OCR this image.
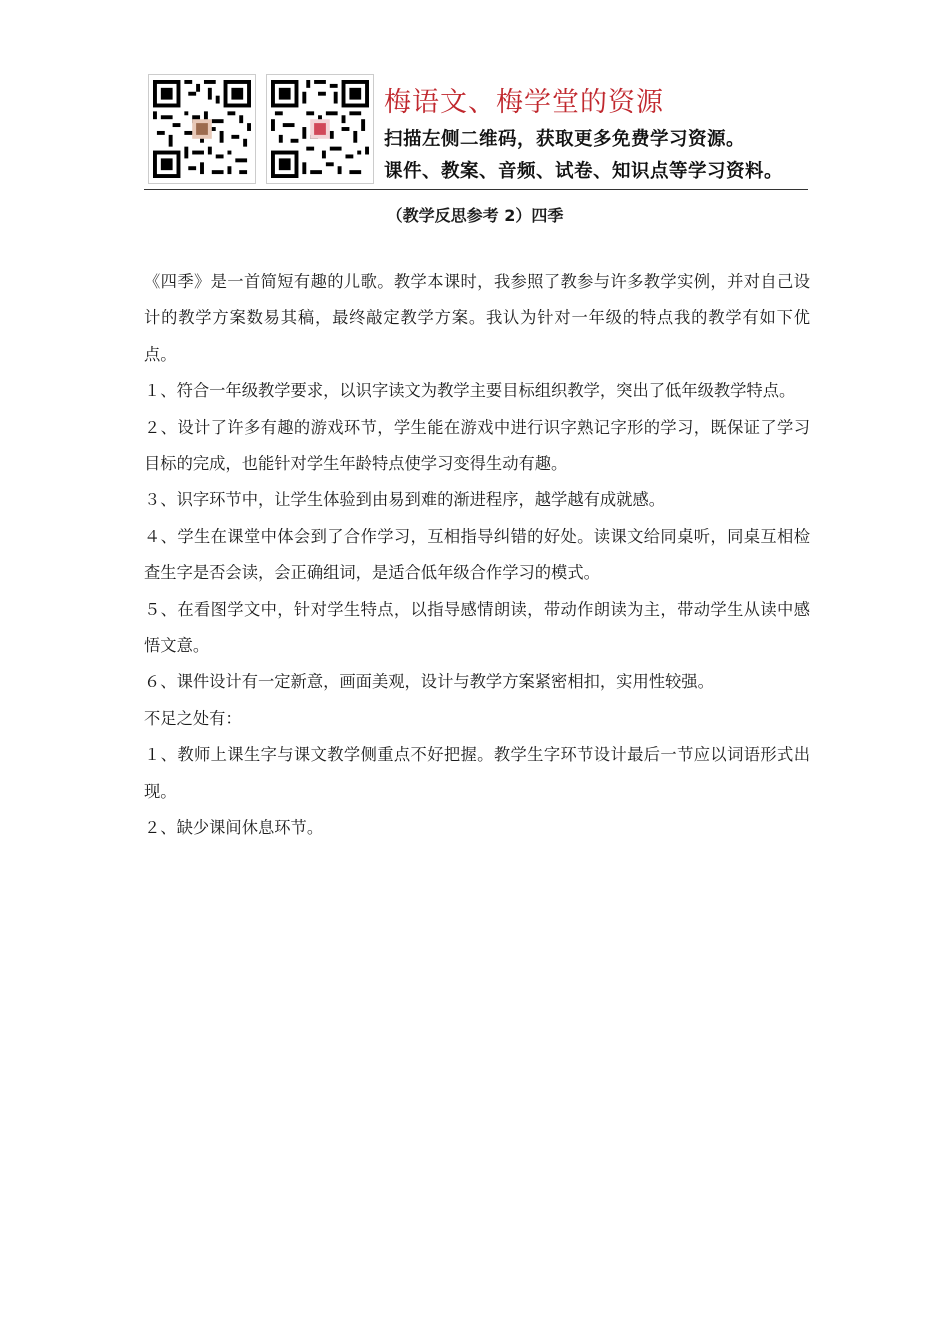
梅语文、梅学堂的资源
扫描左侧二维码，获取更多免费学习资源。
课件、教案、音频、试卷、知识点等学习资料。
（教学反思参考 2）四季

《四季》是一首简短有趣的儿歌。教学本课时，我参照了教参与许多教学实例，并对自己设计的教学方案数易其稿，最终敲定教学方案。我认为针对一年级的特点我的教学有如下优点。

１、符合一年级教学要求，以识字读文为教学主要目标组织教学，突出了低年级教学特点。

２、设计了许多有趣的游戏环节，学生能在游戏中进行识字熟记字形的学习，既保证了学习目标的完成，也能针对学生年龄特点使学习变得生动有趣。

３、识字环节中，让学生体验到由易到难的渐进程序，越学越有成就感。

４、学生在课堂中体会到了合作学习，互相指导纠错的好处。读课文给同桌听，同桌互相检查生字是否会读，会正确组词，是适合低年级合作学习的模式。

５、在看图学文中，针对学生特点，以指导感情朗读，带动作朗读为主，带动学生从读中感悟文意。

６、课件设计有一定新意，画面美观，设计与教学方案紧密相扣，实用性较强。

不足之处有：

１、教师上课生字与课文教学侧重点不好把握。教学生字环节设计最后一节应以词语形式出现。

２、缺少课间休息环节。
